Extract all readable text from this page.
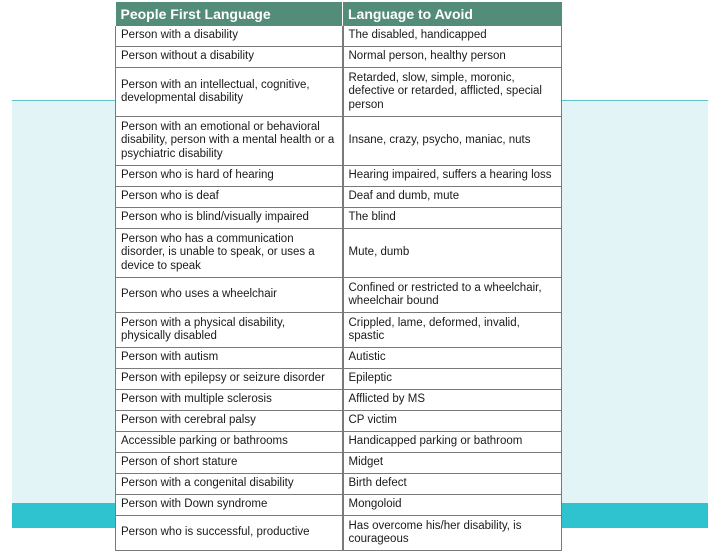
People First Language	Language to Avoid
Person with a disability	The disabled, handicapped
Person without a disability	Normal person, healthy person
Person with an intellectual, cognitive, developmental disability	Retarded, slow, simple, moronic, defective or retarded, afflicted, special person
Person with an emotional or behavioral disability, person with a mental health or a psychiatric disability	Insane, crazy, psycho, maniac, nuts
Person who is hard of hearing	Hearing impaired, suffers a hearing loss
Person who is deaf	Deaf and dumb, mute
Person who is blind/visually impaired	The blind
Person who has a communication disorder, is unable to speak, or uses a device to speak	Mute, dumb
Person who uses a wheelchair	Confined or restricted to a wheelchair, wheelchair bound
Person with a physical disability, physically disabled	Crippled, lame, deformed, invalid, spastic
Person with autism	Autistic
Person with epilepsy or seizure disorder	Epileptic
Person with multiple sclerosis	Afflicted by MS
Person with cerebral palsy	CP victim
Accessible parking or bathrooms	Handicapped parking or bathroom
Person of short stature	Midget
Person with a congenital disability	Birth defect
Person with Down syndrome	Mongoloid
Person who is successful, productive	Has overcome his/her disability, is courageous
